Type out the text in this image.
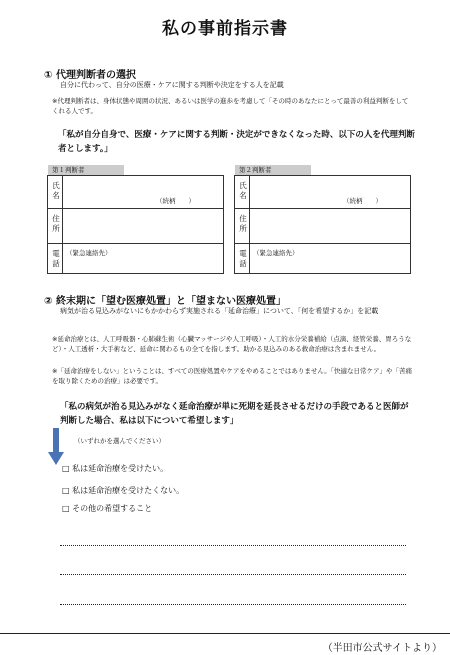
私の事前指示書
① 代理判断者の選択
自分に代わって、自分の医療・ケアに関する判断や決定をする人を記載
※代理判断者は、身体状態や周囲の状況、あるいは医学の進歩を考慮して「その時のあなたにとって最善の利益判断をしてくれる人です。
「私が自分自身で、医療・ケアに関する判断・決定ができなくなった時、以下の人を代理判断者とします。」
第１判断者
氏
名
（続柄　　）
住
所
電
話
（緊急連絡先）
第２判断者
氏
名
（続柄　　）
住
所
電
話
（緊急連絡先）
② 終末期に「望む医療処置」と「望まない医療処置」
病気が治る見込みがないにもかかわらず実施される「延命治療」について、「何を希望するか」を記載
※延命治療とは、人工呼吸器・心肺蘇生術（心臓マッサージや人工呼吸）・人工的水分栄養補給（点滴、経管栄養、胃ろうなど）・人工透析・大手術など、延命に関わるもの全てを指します。助かる見込みのある救命治療は含まれません。
※「延命治療をしない」ということは、すべての医療処置やケアをやめることではありません。「快適な日常ケア」や「苦痛を取り除くための治療」は必要です。
「私の病気が治る見込みがなく延命治療が単に死期を延長させるだけの手段であると医師が判断した場合、私は以下について希望します」
（いずれかを選んでください）
□ 私は延命治療を受けたい。
□ 私は延命治療を受けたくない。
□ その他の希望すること
（半田市公式サイトより）
